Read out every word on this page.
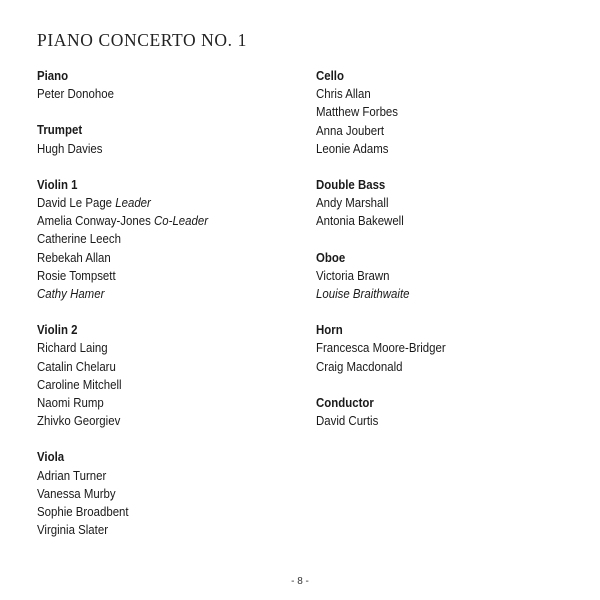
PIANO CONCERTO NO. 1
Piano
Peter Donohoe
Trumpet
Hugh Davies
Violin 1
David Le Page Leader
Amelia Conway-Jones Co-Leader
Catherine Leech
Rebekah Allan
Rosie Tompsett
Cathy Hamer
Violin 2
Richard Laing
Catalin Chelaru
Caroline Mitchell
Naomi Rump
Zhivko Georgiev
Viola
Adrian Turner
Vanessa Murby
Sophie Broadbent
Virginia Slater
Cello
Chris Allan
Matthew Forbes
Anna Joubert
Leonie Adams
Double Bass
Andy Marshall
Antonia Bakewell
Oboe
Victoria Brawn
Louise Braithwaite
Horn
Francesca Moore-Bridger
Craig Macdonald
Conductor
David Curtis
- 8 -
